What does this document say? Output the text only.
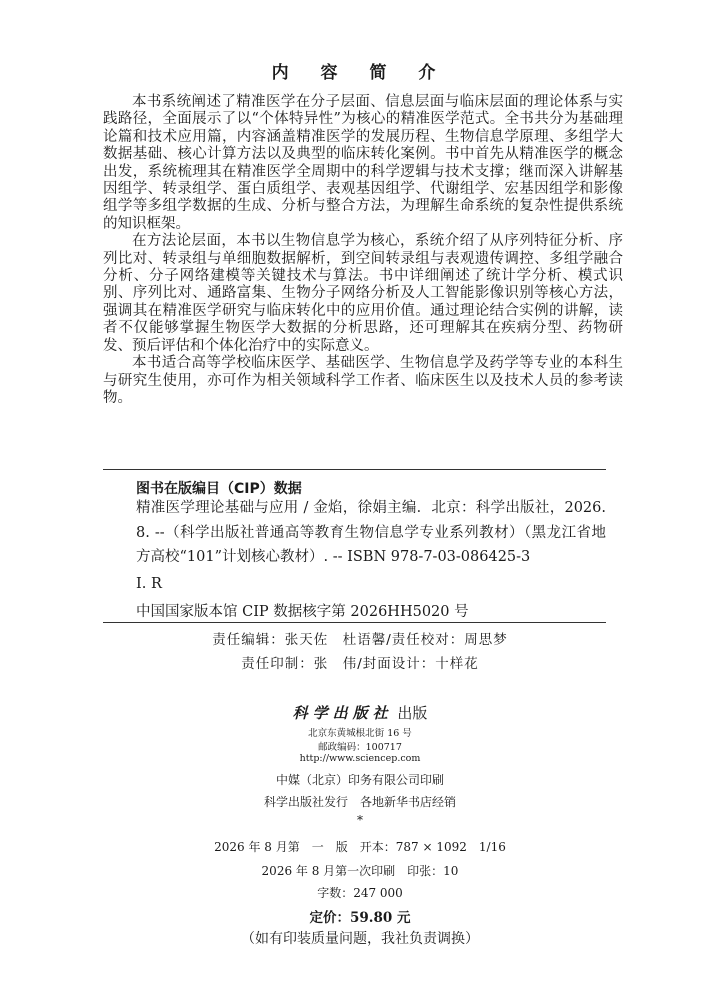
内 容 简 介

本书系统阐述了精准医学在分子层面、信息层面与临床层面的理论体系与实践路径，全面展示了以“个体特异性”为核心的精准医学范式。全书共分为基础理论篇和技术应用篇，内容涵盖精准医学的发展历程、生物信息学原理、多组学大数据基础、核心计算方法以及典型的临床转化案例。书中首先从精准医学的概念出发，系统梳理其在精准医学全周期中的科学逻辑与技术支撑；继而深入讲解基因组学、转录组学、蛋白质组学、表观基因组学、代谢组学、宏基因组学和影像组学等多组学数据的生成、分析与整合方法，为理解生命系统的复杂性提供系统的知识框架。

在方法论层面，本书以生物信息学为核心，系统介绍了从序列特征分析、序列比对、转录组与单细胞数据解析，到空间转录组与表观遗传调控、多组学融合分析、分子网络建模等关键技术与算法。书中详细阐述了统计学分析、模式识别、序列比对、通路富集、生物分子网络分析及人工智能影像识别等核心方法，强调其在精准医学研究与临床转化中的应用价值。通过理论结合实例的讲解，读者不仅能够掌握生物医学大数据的分析思路，还可理解其在疾病分型、药物研发、预后评估和个体化治疗中的实际意义。

本书适合高等学校临床医学、基础医学、生物信息学及药学等专业的本科生与研究生使用，亦可作为相关领域科学工作者、临床医生以及技术人员的参考读物。

图书在版编目（CIP）数据
精准医学理论基础与应用 / 金焰，徐娟主编．北京：科学出版社，2026. 8. --（科学出版社普通高等教育生物信息学专业系列教材）（黑龙江省地方高校“101”计划核心教材）. -- ISBN 978-7-03-086425-3
Ⅰ. R
中国国家版本馆 CIP 数据核字第 2026HH5020 号
责任编辑：张天佐　杜语馨/责任校对：周思梦
责任印制：张　伟/封面设计：十样花
科学出版社 出版
北京东黄城根北街 16 号
邮政编码：100717
http://www.sciencep.com
中媒（北京）印务有限公司印刷
科学出版社发行　各地新华书店经销
*
2026 年 8 月第　一　版　开本：787 × 1092　1/16
2026 年 8 月第一次印刷　印张：10
字数：247 000
定价：59.80 元
（如有印装质量问题，我社负责调换）
